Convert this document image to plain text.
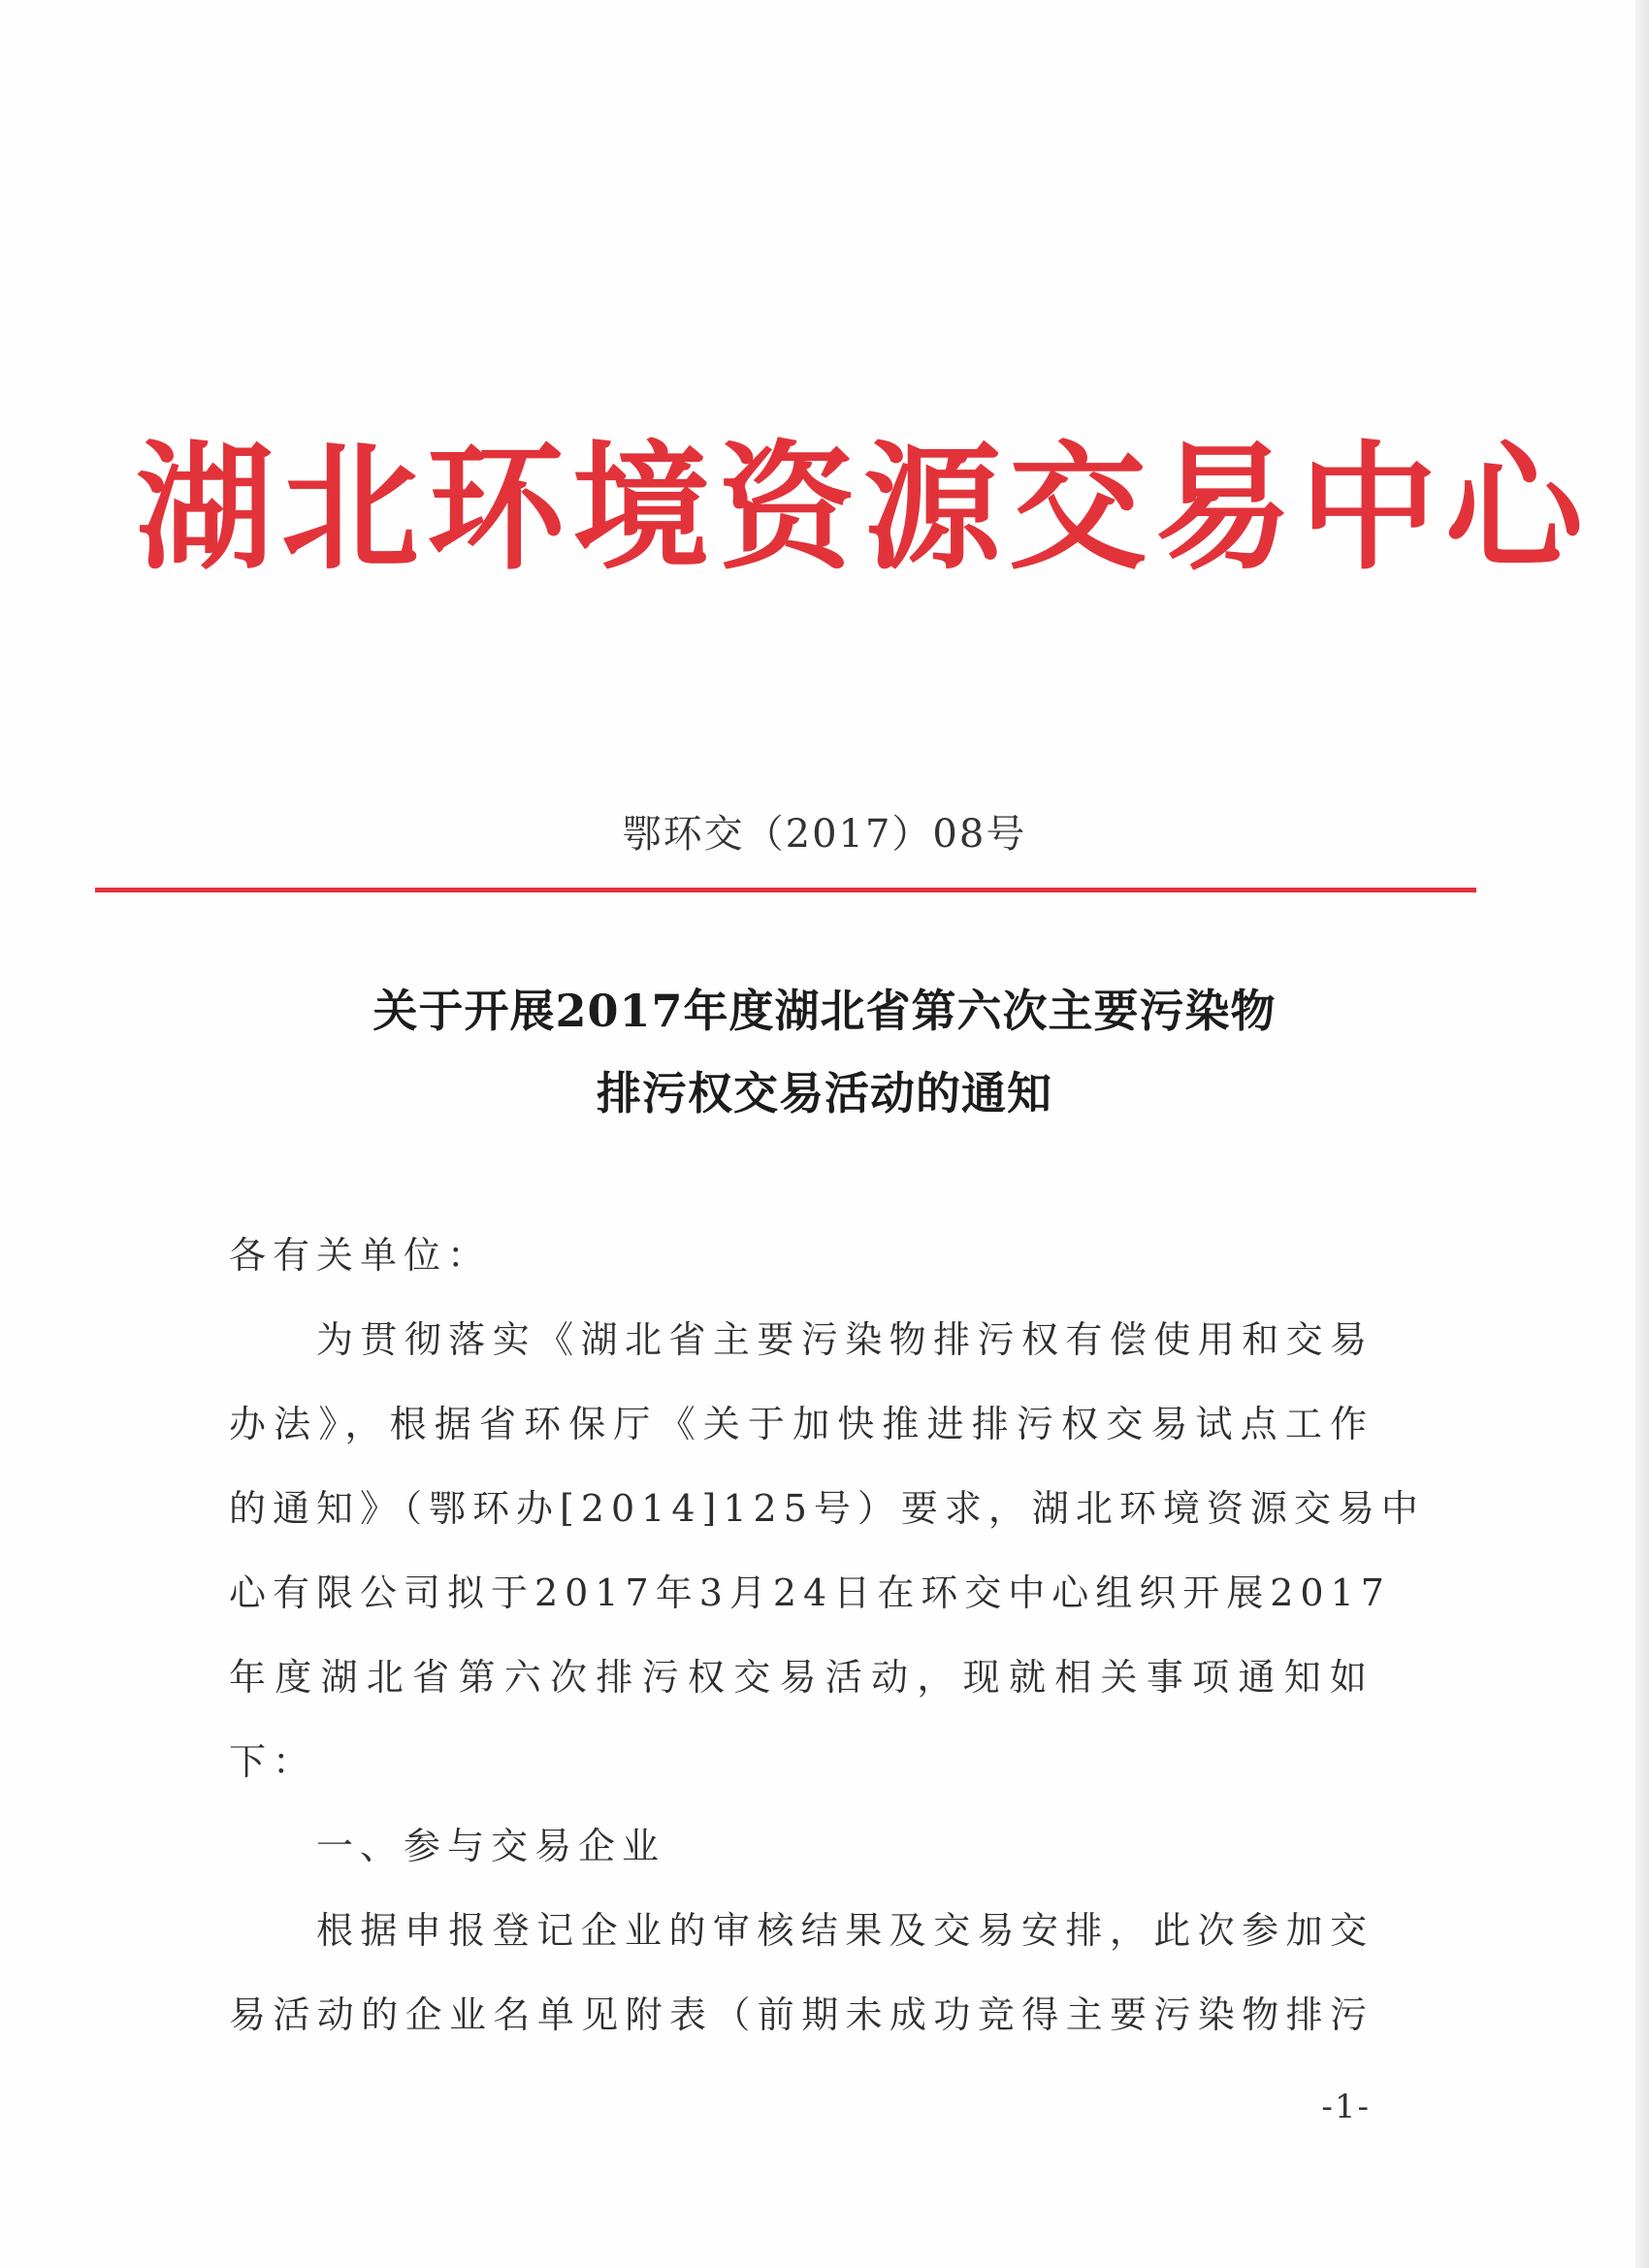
湖北环境资源交易中心
鄂环交（2017）08号
关于开展2017年度湖北省第六次主要污染物
排污权交易活动的通知
各有关单位：
为贯彻落实《湖北省主要污染物排污权有偿使用和交易
办法》，根据省环保厅《关于加快推进排污权交易试点工作
的通知》（鄂环办[2014]125号）要求，湖北环境资源交易中
心有限公司拟于2017年3月24日在环交中心组织开展2017
年度湖北省第六次排污权交易活动，现就相关事项通知如
下：
一、参与交易企业
根据申报登记企业的审核结果及交易安排，此次参加交
易活动的企业名单见附表（前期未成功竞得主要污染物排污
-1-
